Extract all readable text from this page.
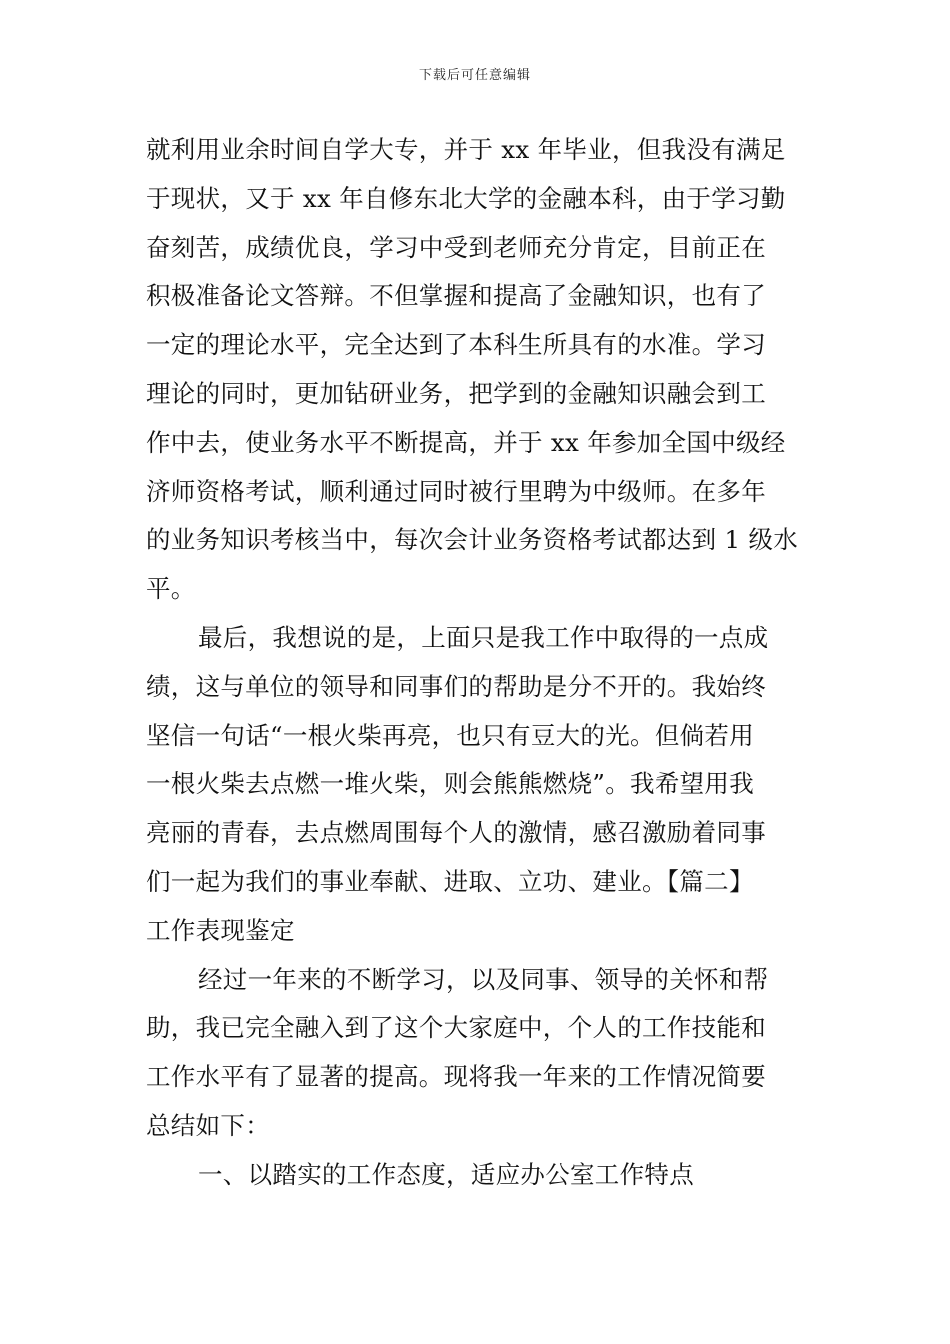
下载后可任意编辑
就利用业余时间自学大专，并于 xx 年毕业，但我没有满足
于现状，又于 xx 年自修东北大学的金融本科，由于学习勤
奋刻苦，成绩优良，学习中受到老师充分肯定，目前正在
积极准备论文答辩。不但掌握和提高了金融知识，也有了
一定的理论水平，完全达到了本科生所具有的水准。学习
理论的同时，更加钻研业务，把学到的金融知识融会到工
作中去，使业务水平不断提高，并于 xx 年参加全国中级经
济师资格考试，顺利通过同时被行里聘为中级师。在多年
的业务知识考核当中，每次会计业务资格考试都达到 1 级水
平。
最后，我想说的是，上面只是我工作中取得的一点成
绩，这与单位的领导和同事们的帮助是分不开的。我始终
坚信一句话“一根火柴再亮，也只有豆大的光。但倘若用
一根火柴去点燃一堆火柴，则会熊熊燃烧”。我希望用我
亮丽的青春，去点燃周围每个人的激情，感召激励着同事
们一起为我们的事业奉献、进取、立功、建业。【篇二】
工作表现鉴定
经过一年来的不断学习，以及同事、领导的关怀和帮
助，我已完全融入到了这个大家庭中，个人的工作技能和
工作水平有了显著的提高。现将我一年来的工作情况简要
总结如下：
一、以踏实的工作态度，适应办公室工作特点
